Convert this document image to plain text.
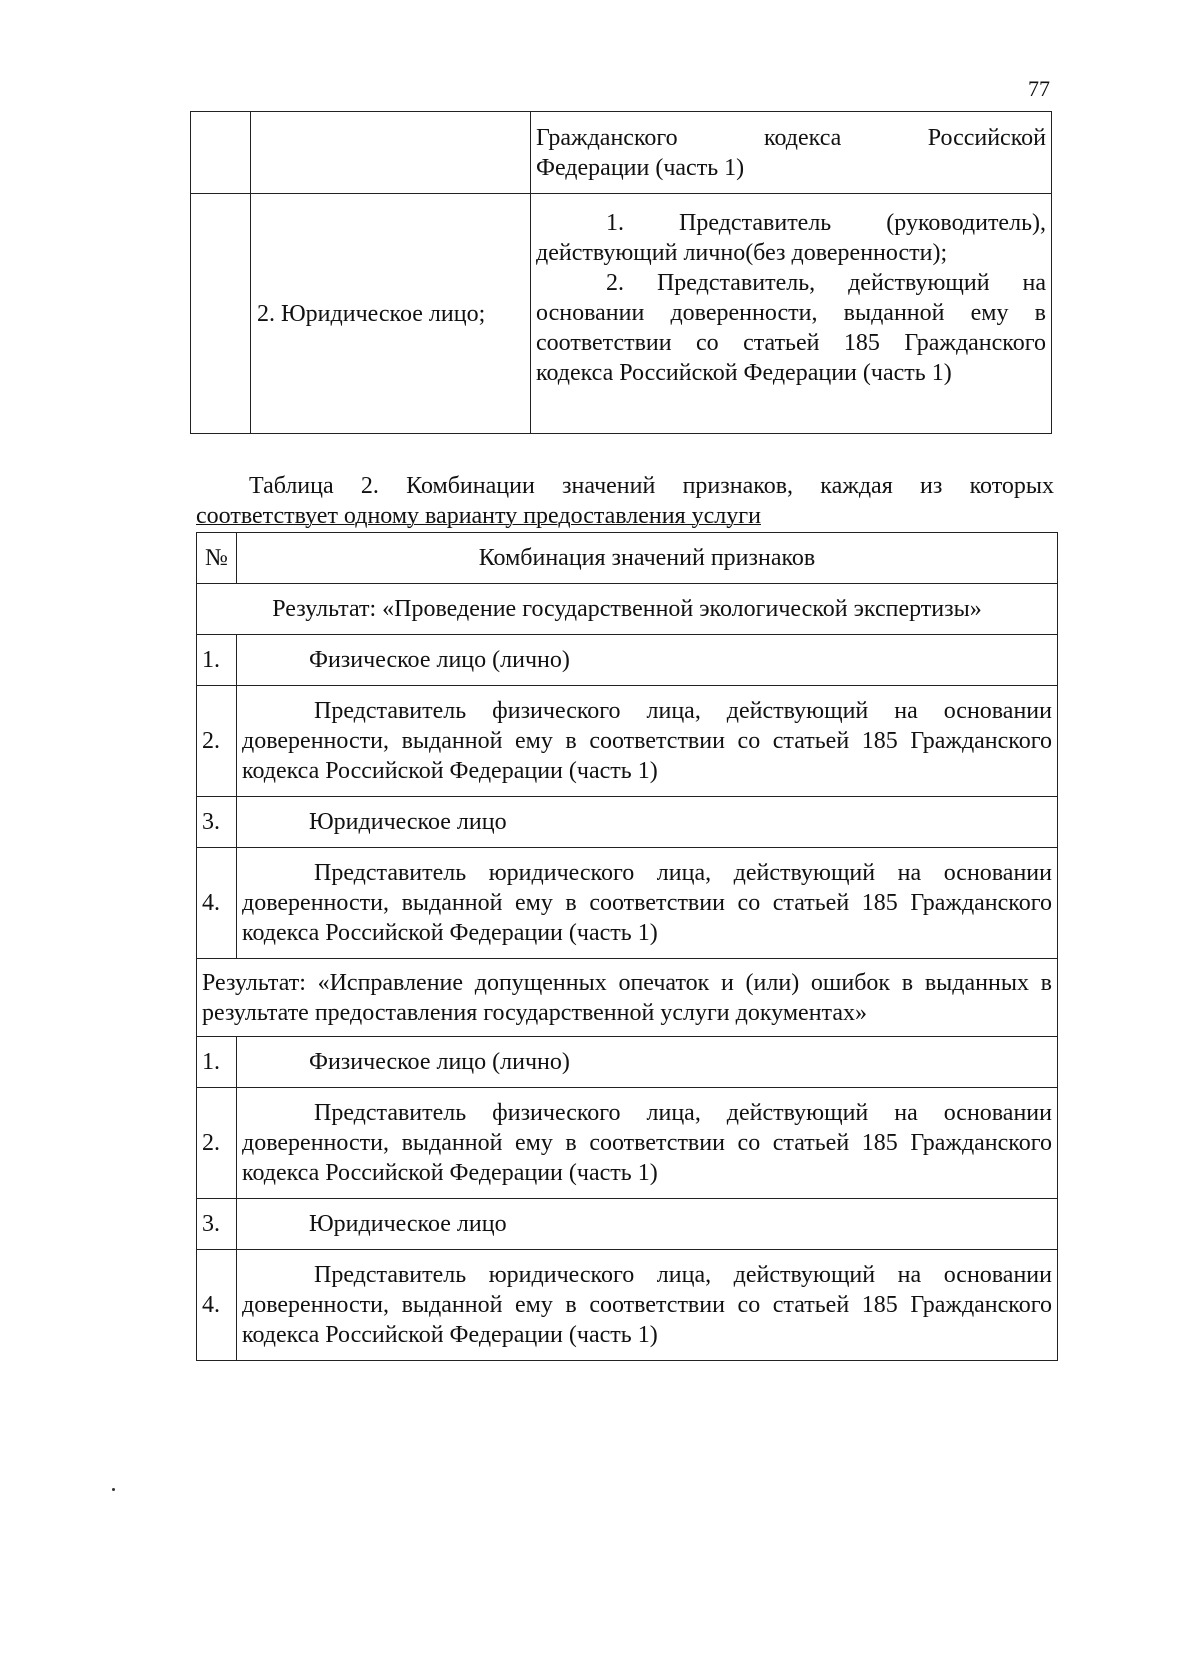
77

		Гражданского кодекса Российской
Федерации (часть 1)

	2. Юридическое лицо;	1. Представитель (руководитель), действующий лично(без доверенности);
2. Представитель, действующий на основании доверенности, выданной ему в соответствии со статьей 185 Гражданского кодекса Российской Федерации (часть 1)
Таблица 2. Комбинации значений признаков, каждая из которых
соответствует одному варианту предоставления услуги
№	Комбинация значений признаков
Результат: «Проведение государственной экологической экспертизы»	
1.	Физическое лицо (лично)
2.	Представитель физического лица, действующий на основании доверенности, выданной ему в соответствии со статьей 185 Гражданского кодекса Российской Федерации (часть 1)

3.	Юридическое лицо
4.	Представитель юридического лица, действующий на основании доверенности, выданной ему в соответствии со статьей 185 Гражданского кодекса Российской Федерации (часть 1)

Результат: «Исправление допущенных опечаток и (или) ошибок в выданных в результате предоставления государственной услуги документах»	
1.	Физическое лицо (лично)
2.	Представитель физического лица, действующий на основании доверенности, выданной ему в соответствии со статьей 185 Гражданского кодекса Российской Федерации (часть 1)

3.	Юридическое лицо
4.	Представитель юридического лица, действующий на основании доверенности, выданной ему в соответствии со статьей 185 Гражданского кодекса Российской Федерации (часть 1)
